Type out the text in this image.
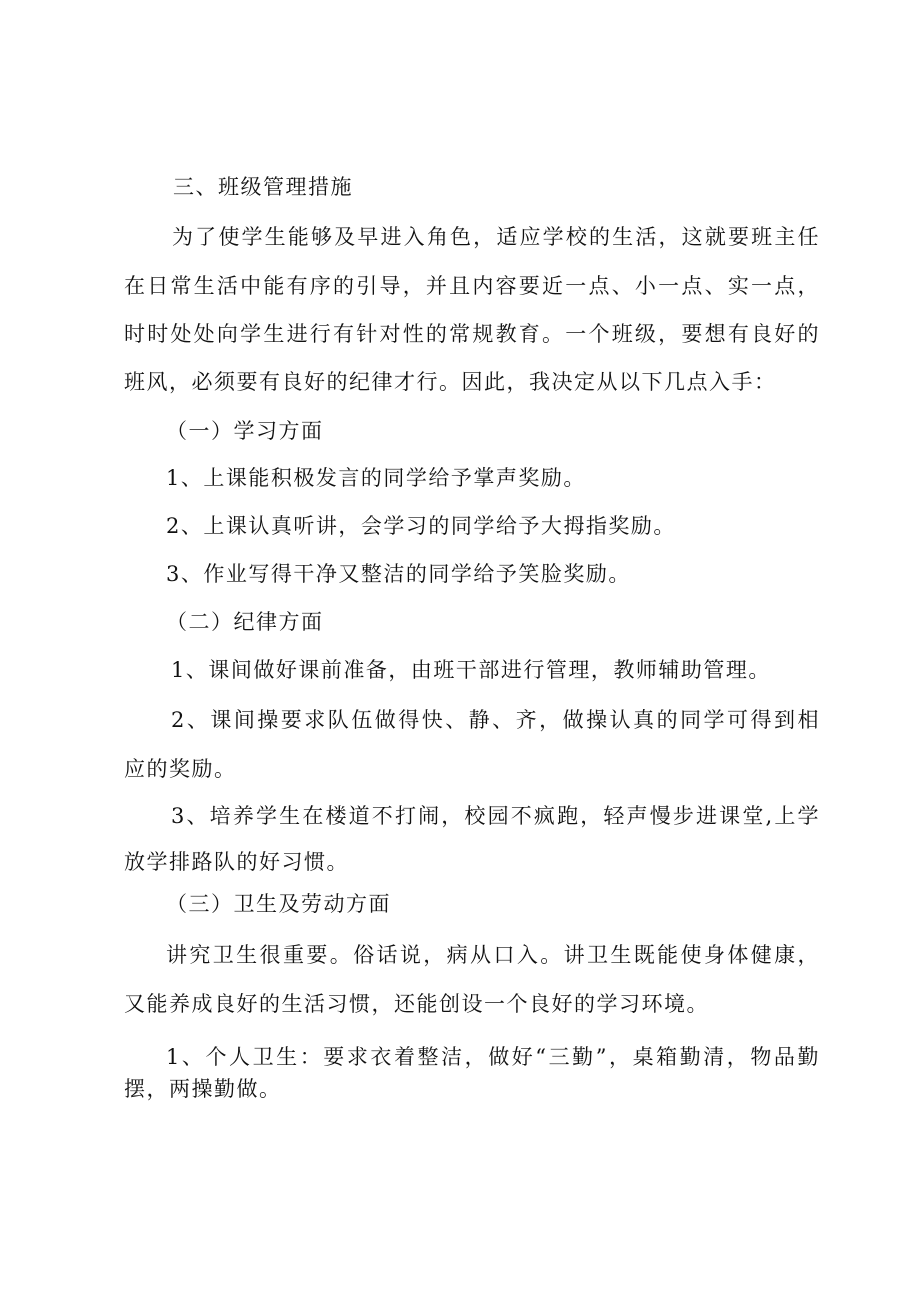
三、班级管理措施
为了使学生能够及早进入角色，适应学校的生活，这就要班主任
在日常生活中能有序的引导，并且内容要近一点、小一点、实一点，
时时处处向学生进行有针对性的常规教育。一个班级，要想有良好的
班风，必须要有良好的纪律才行。因此，我决定从以下几点入手：
（一）学习方面
1、上课能积极发言的同学给予掌声奖励。
2、上课认真听讲，会学习的同学给予大拇指奖励。
3、作业写得干净又整洁的同学给予笑脸奖励。
（二）纪律方面
1、课间做好课前准备，由班干部进行管理，教师辅助管理。
2、课间操要求队伍做得快、静、齐，做操认真的同学可得到相
应的奖励。
3、培养学生在楼道不打闹，校园不疯跑，轻声慢步进课堂,上学
放学排路队的好习惯。
（三）卫生及劳动方面
讲究卫生很重要。俗话说，病从口入。讲卫生既能使身体健康，
又能养成良好的生活习惯，还能创设一个良好的学习环境。
1、个人卫生：要求衣着整洁，做好“三勤”，桌箱勤清，物品勤
摆，两操勤做。
